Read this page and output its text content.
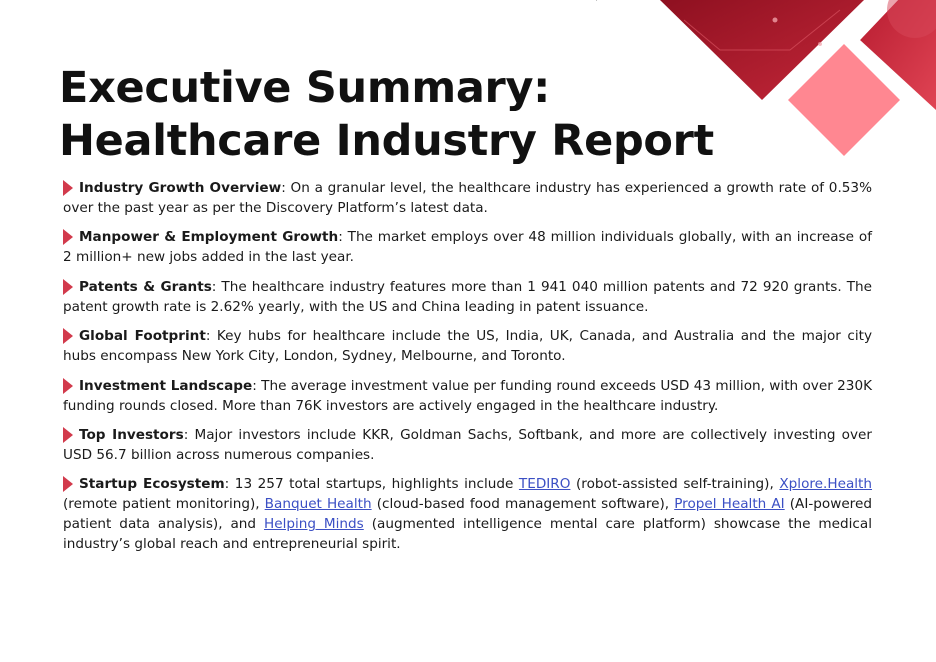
Executive Summary:
Healthcare Industry Report
Industry Growth Overview: On a granular level, the healthcare industry has experienced a growth rate of 0.53% over the past year as per the Discovery Platform’s latest data.
Manpower & Employment Growth: The market employs over 48 million individuals globally, with an increase of 2 million+ new jobs added in the last year.
Patents & Grants: The healthcare industry features more than 1 941 040 million patents and 72 920 grants. The patent growth rate is 2.62% yearly, with the US and China leading in patent issuance.
Global Footprint: Key hubs for healthcare include the US, India, UK, Canada, and Australia and the major city hubs encompass New York City, London, Sydney, Melbourne, and Toronto.
Investment Landscape: The average investment value per funding round exceeds USD 43 million, with over 230K funding rounds closed. More than 76K investors are actively engaged in the healthcare industry.
Top Investors: Major investors include KKR, Goldman Sachs, Softbank, and more are collectively investing over USD 56.7 billion across numerous companies.
Startup Ecosystem: 13 257 total startups, highlights include TEDIRO (robot-assisted self-training), Xplore.Health (remote patient monitoring), Banquet Health (cloud-based food management software), Propel Health AI (AI-powered patient data analysis), and Helping Minds (augmented intelligence mental care platform) showcase the medical industry’s global reach and entrepreneurial spirit.
